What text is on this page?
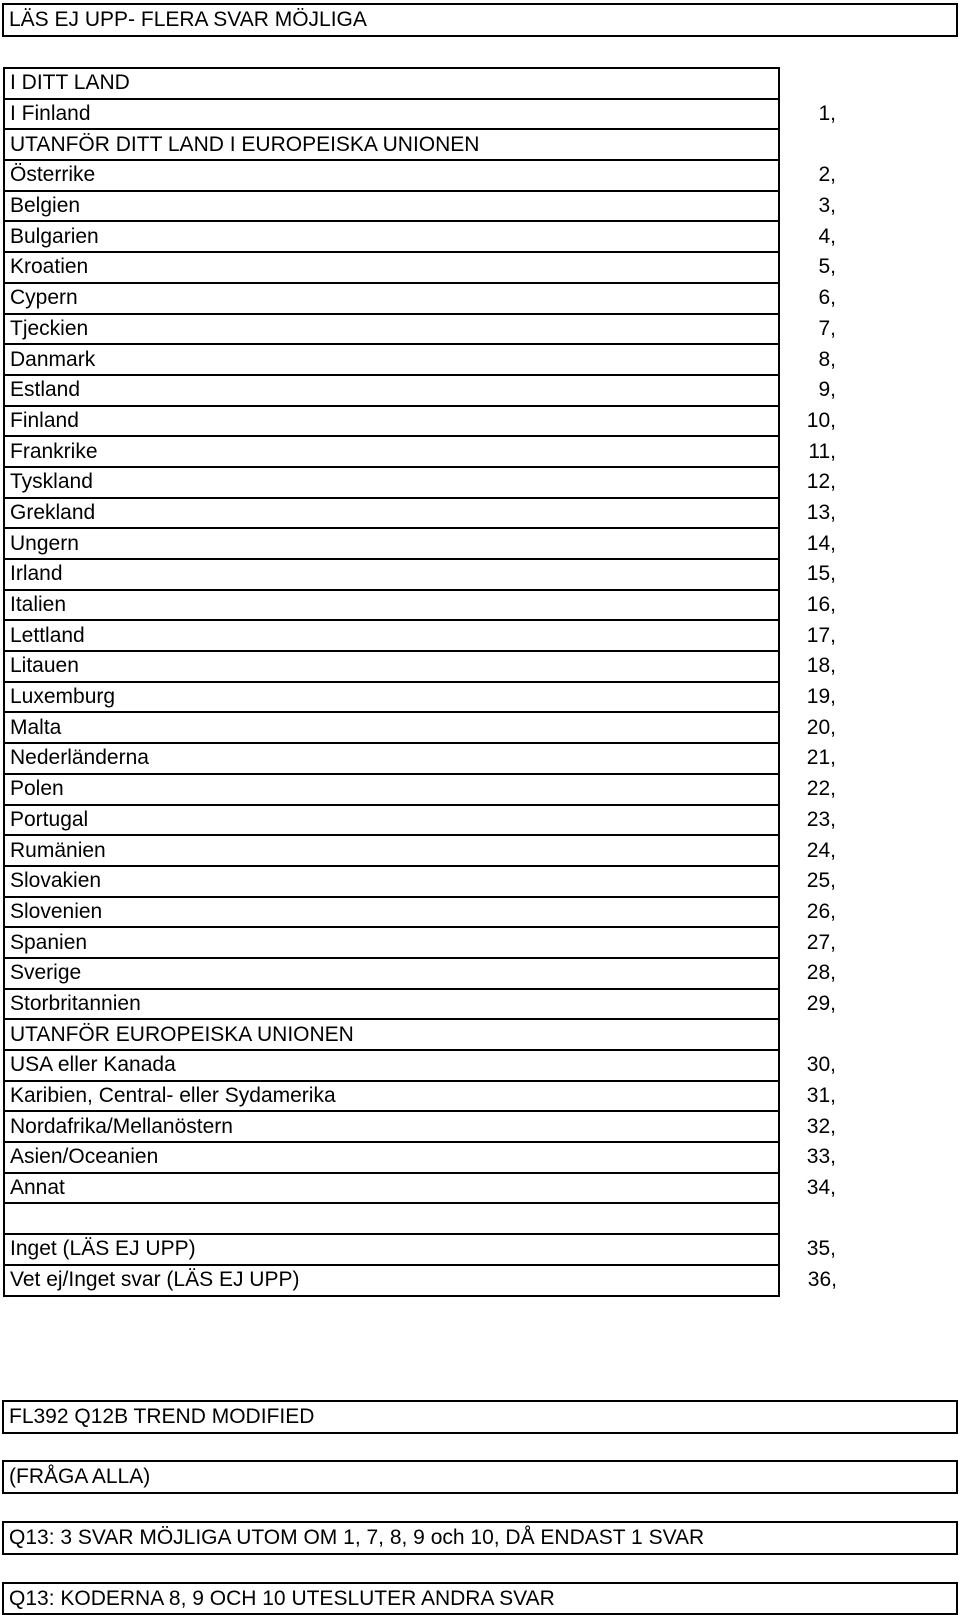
LÄS EJ UPP- FLERA SVAR MÖJLIGA
I DITT LAND	
I Finland	1,
UTANFÖR DITT LAND I EUROPEISKA UNIONEN	
Österrike	2,
Belgien	3,
Bulgarien	4,
Kroatien	5,
Cypern	6,
Tjeckien	7,
Danmark	8,
Estland	9,
Finland	10,
Frankrike	11,
Tyskland	12,
Grekland	13,
Ungern	14,
Irland	15,
Italien	16,
Lettland	17,
Litauen	18,
Luxemburg	19,
Malta	20,
Nederländerna	21,
Polen	22,
Portugal	23,
Rumänien	24,
Slovakien	25,
Slovenien	26,
Spanien	27,
Sverige	28,
Storbritannien	29,
UTANFÖR EUROPEISKA UNIONEN	
USA eller Kanada	30,
Karibien, Central- eller Sydamerika	31,
Nordafrika/Mellanöstern	32,
Asien/Oceanien	33,
Annat	34,

Inget (LÄS EJ UPP)	35,
Vet ej/Inget svar (LÄS EJ UPP)	36,
FL392 Q12B TREND MODIFIED
(FRÅGA ALLA)
Q13: 3 SVAR MÖJLIGA UTOM OM 1, 7, 8, 9 och 10, DÅ ENDAST 1 SVAR
Q13: KODERNA 8, 9 OCH 10 UTESLUTER ANDRA SVAR
